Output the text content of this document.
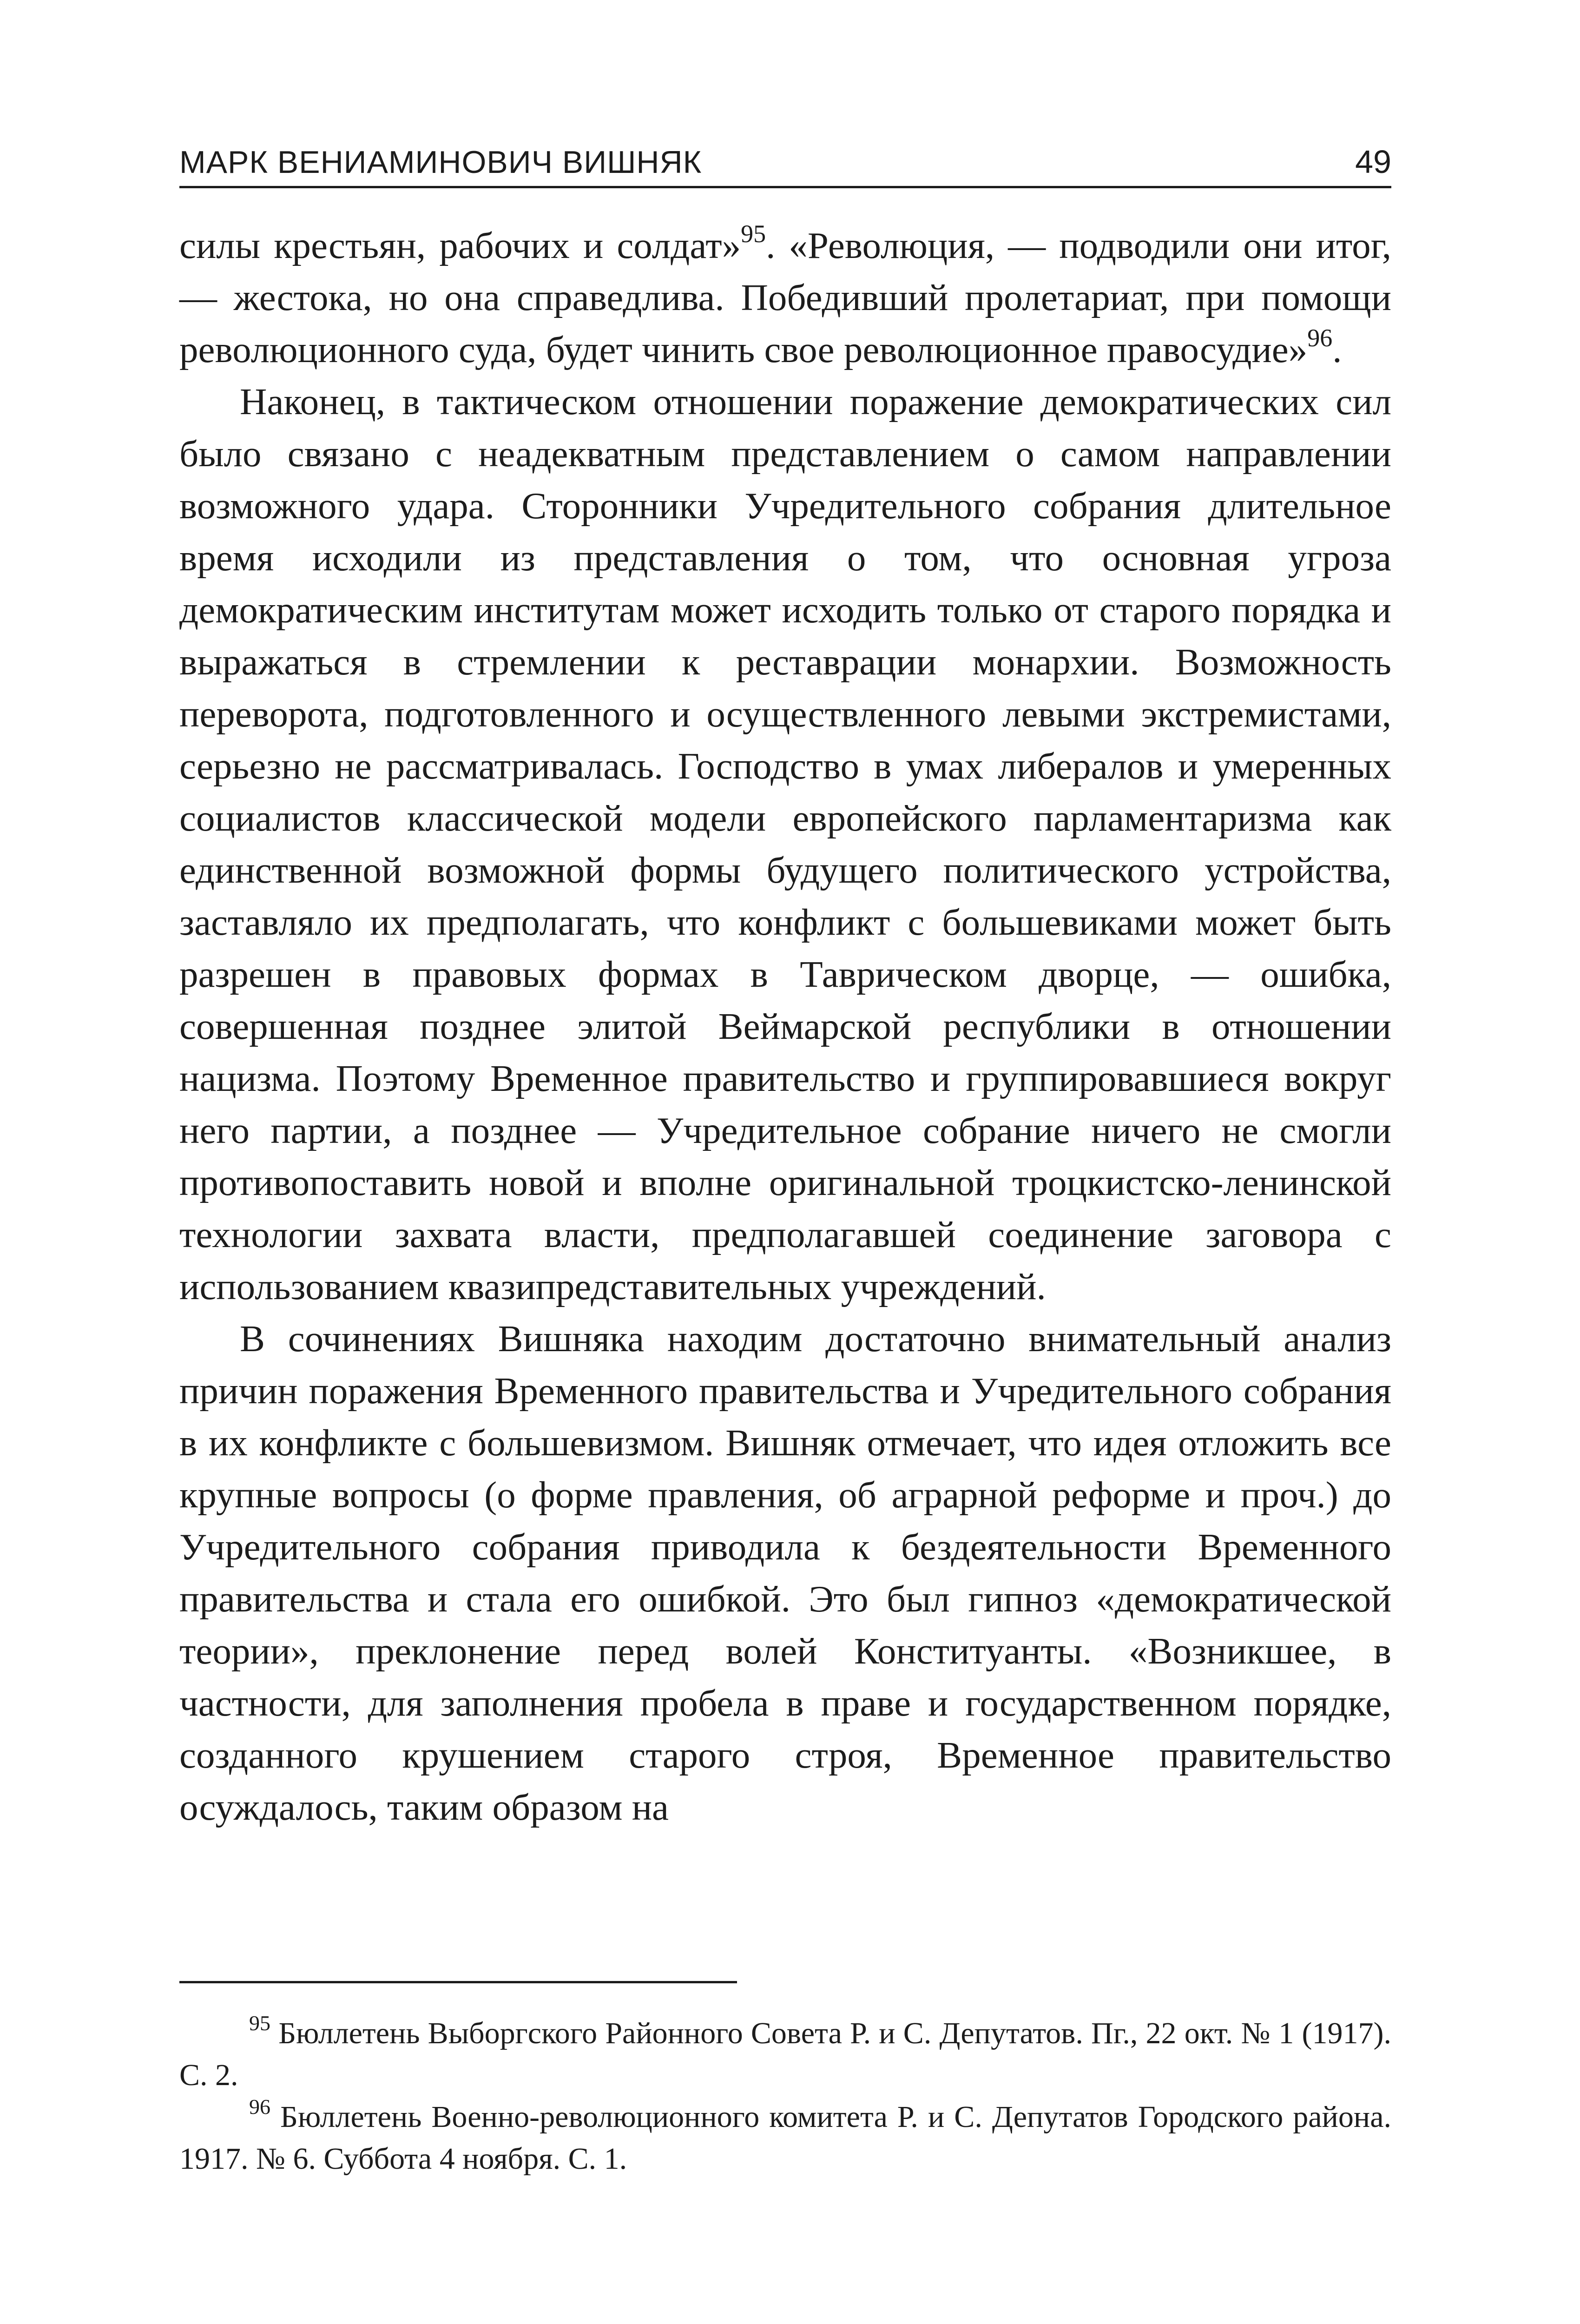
МАРК ВЕНИАМИНОВИЧ ВИШНЯК	49

силы крестьян, рабочих и солдат»$^{95}$. «Революция, — подводили они итог, — жестока, но она справедлива. Победивший пролетариат, при помощи революционного суда, будет чинить свое революционное правосудие»$^{96}$.

Наконец, в тактическом отношении поражение демократических сил было связано с неадекватным представлением о самом направлении возможного удара. Сторонники Учредительного собрания длительное время исходили из представления о том, что основная угроза демократическим институтам может исходить только от старого порядка и выражаться в стремлении к реставрации монархии. Возможность переворота, подготовленного и осуществленного левыми экстремистами, серьезно не рассматривалась. Господство в умах либералов и умеренных социалистов классической модели европейского парламентаризма как единственной возможной формы будущего политического устройства, заставляло их предполагать, что конфликт с большевиками может быть разрешен в правовых формах в Таврическом дворце, — ошибка, совершенная позднее элитой Веймарской республики в отношении нацизма. Поэтому Временное правительство и группировавшиеся вокруг него партии, а позднее — Учредительное собрание ничего не смогли противопоставить новой и вполне оригинальной троцкистско-ленинской технологии захвата власти, предполагавшей соединение заговора с использованием квазипредставительных учреждений.

В сочинениях Вишняка находим достаточно внимательный анализ причин поражения Временного правительства и Учредительного собрания в их конфликте с большевизмом. Вишняк отмечает, что идея отложить все крупные вопросы (о форме правления, об аграрной реформе и проч.) до Учредительного собрания приводила к бездеятельности Временного правительства и стала его ошибкой. Это был гипноз «демократической теории», преклонение перед волей Конституанты. «Возникшее, в частности, для заполнения пробела в праве и государственном порядке, созданного крушением старого строя, Временное правительство осуждалось, таким образом на

$^{95}$ Бюллетень Выборгского Районного Совета Р. и С. Депутатов. Пг., 22 окт. № 1 (1917). С. 2.

$^{96}$ Бюллетень Военно-революционного комитета Р. и С. Депутатов Городского района. 1917. № 6. Суббота 4 ноября. С. 1.
